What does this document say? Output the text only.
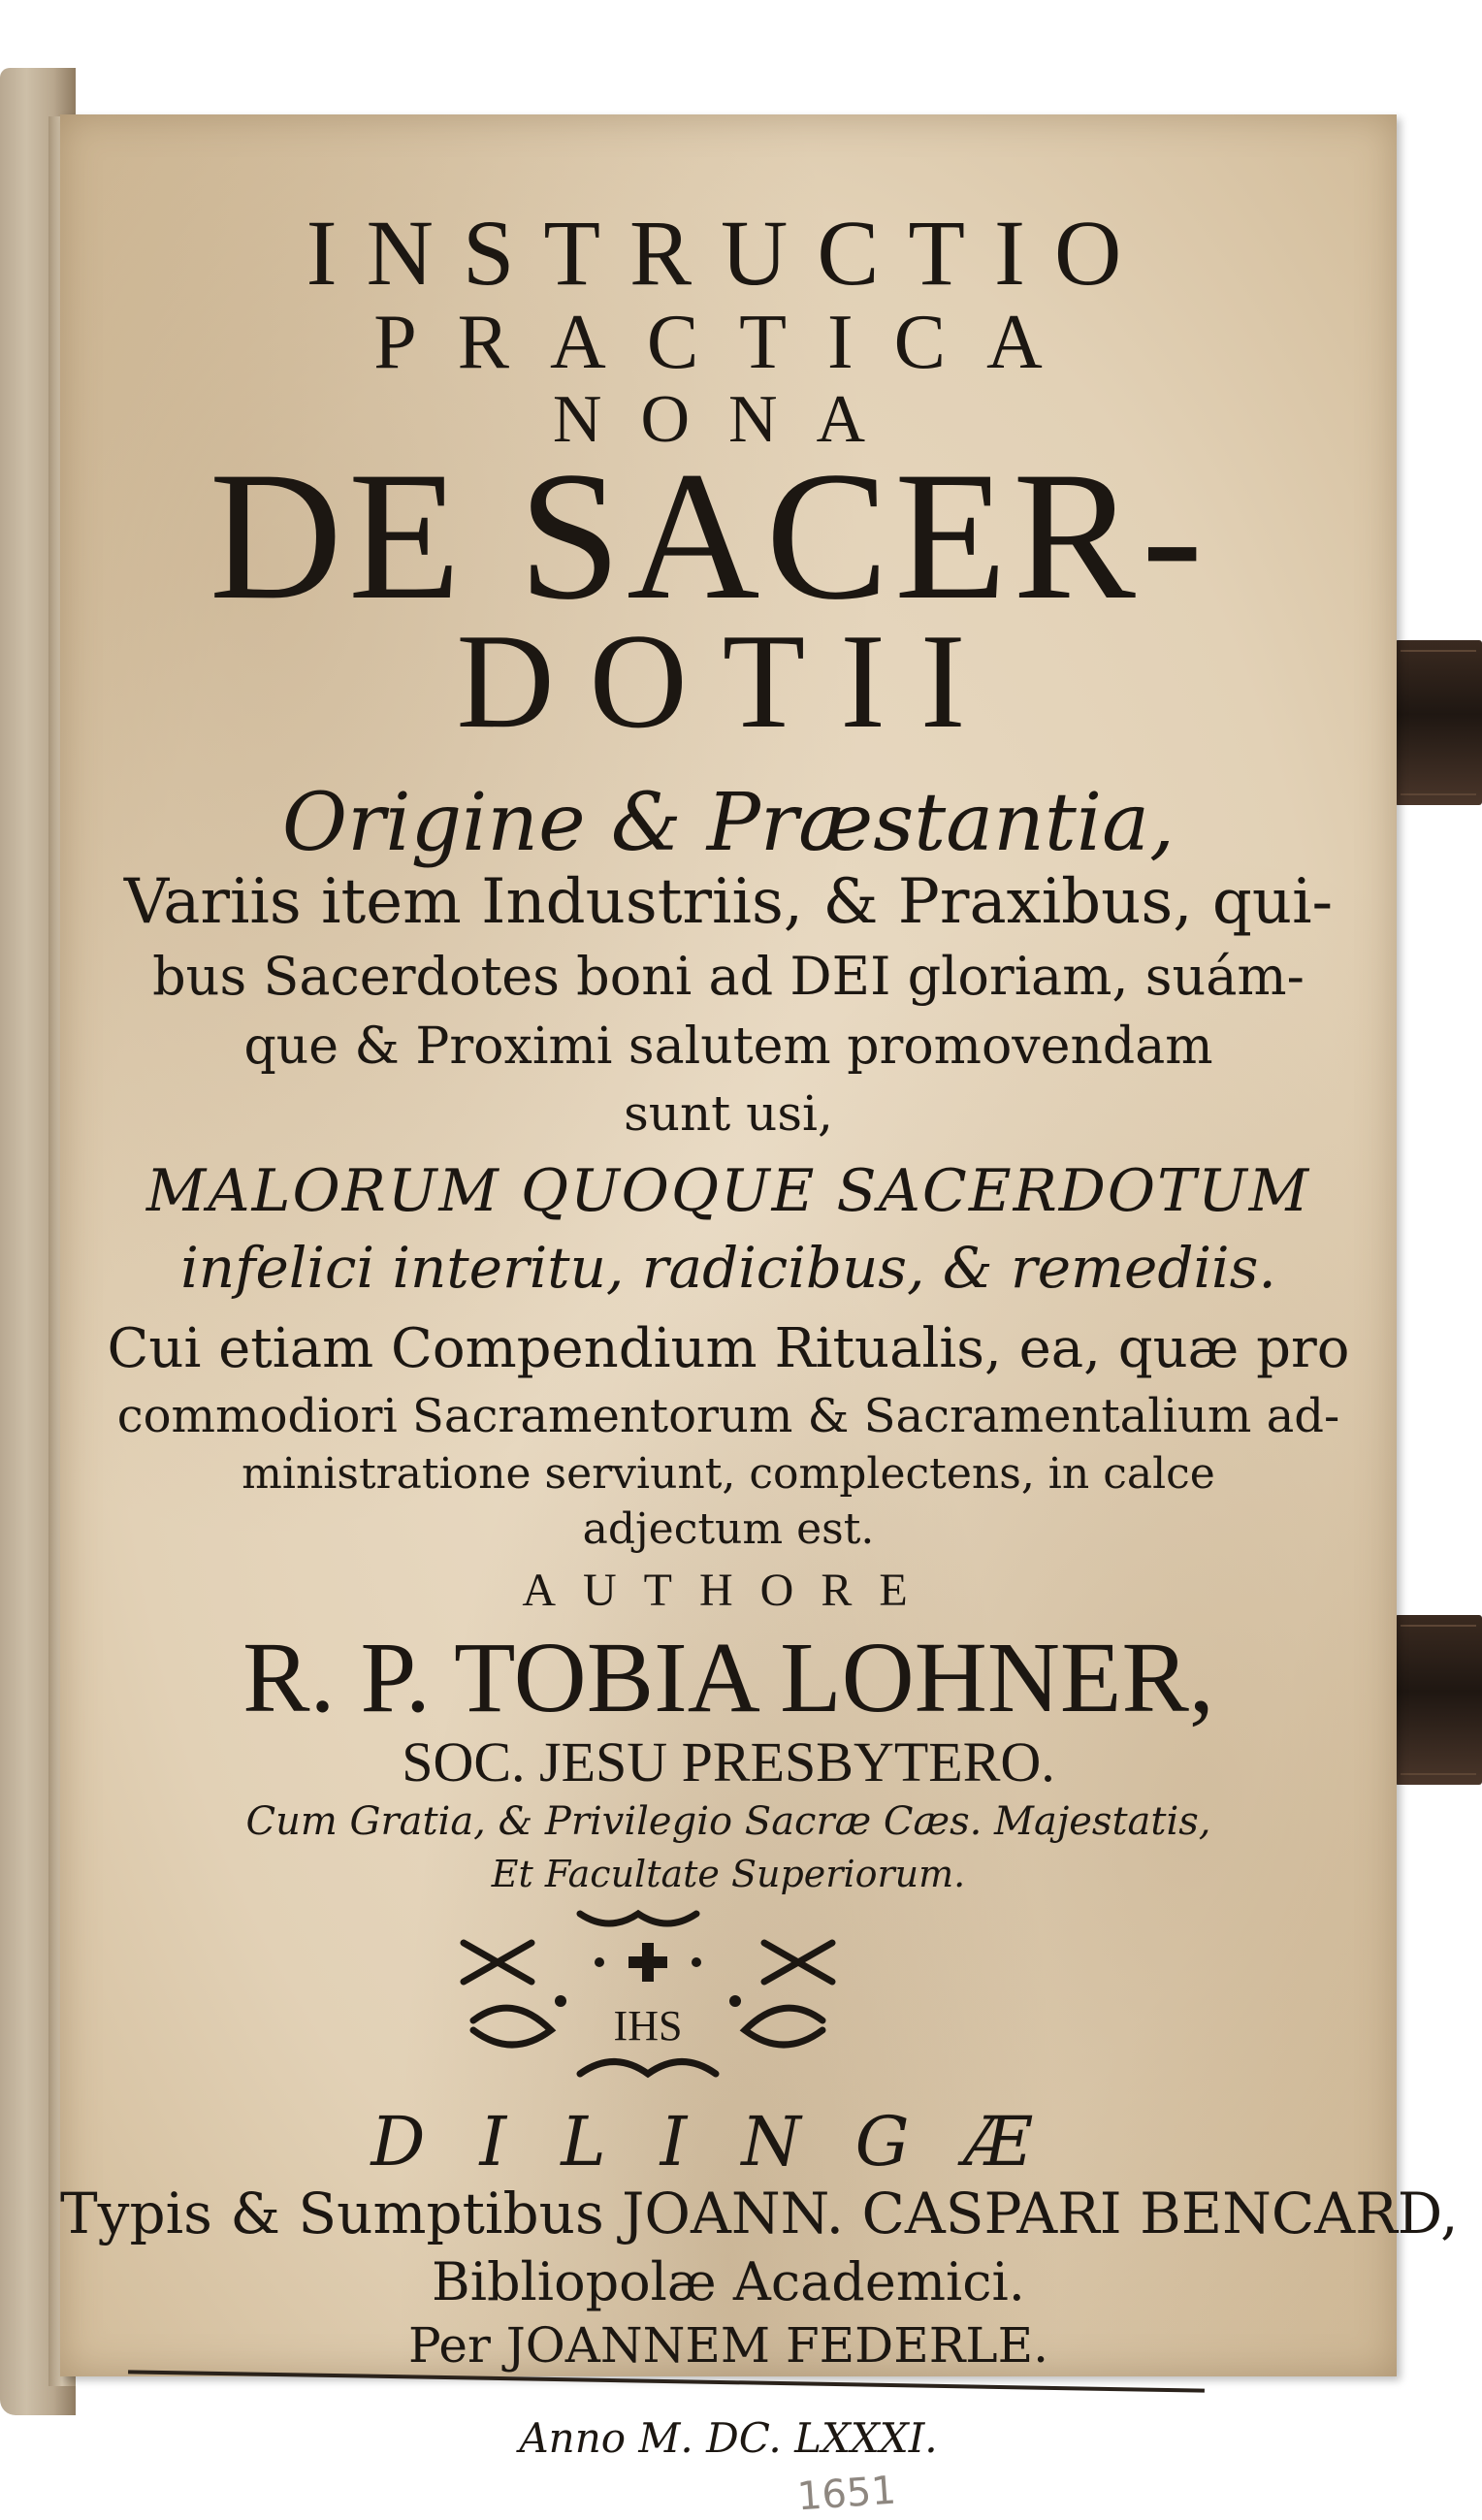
INSTRUCTIO
PRACTICA
NONA
DE SACER-
DOTII
Origine & Præstantia,
Variis item Industriis, & Praxibus, qui-
bus Sacerdotes boni ad DEI gloriam, suám-
que & Proximi salutem promovendam
sunt usi,
MALORUM QUOQUE SACERDOTUM
infelici interitu, radicibus, & remediis.
Cui etiam Compendium Ritualis, ea, quæ pro
commodiori Sacramentorum & Sacramentalium ad-
ministratione serviunt, complectens, in calce
adjectum est.
AUTHORE
R. P. TOBIA LOHNER,
SOC. JESU PRESBYTERO.
Cum Gratia, & Privilegio Sacræ Cæs. Majestatis,
Et Facultate Superiorum.
IHS
DILINGÆ
Typis & Sumptibus JOANN. CASPARI BENCARD,
Bibliopolæ Academici.
Per JOANNEM FEDERLE.
Anno M. DC. LXXXI.
1651
